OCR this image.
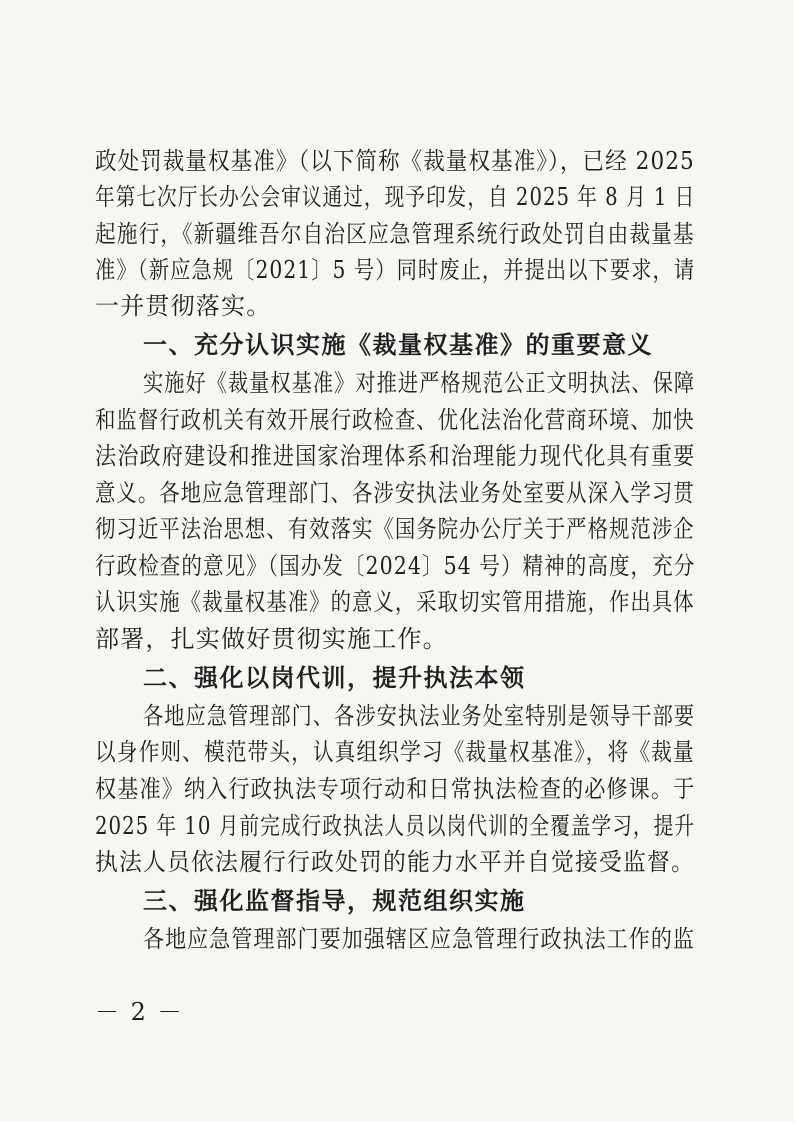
政处罚裁量权基准》（以下简称《裁量权基准》），已经 2025
年第七次厅长办公会审议通过，现予印发，自 2025 年 8 月 1 日
起施行，《新疆维吾尔自治区应急管理系统行政处罚自由裁量基
准》（新应急规〔2021〕5 号）同时废止，并提出以下要求，请
一并贯彻落实。
一、充分认识实施《裁量权基准》的重要意义
实施好《裁量权基准》对推进严格规范公正文明执法、保障
和监督行政机关有效开展行政检查、优化法治化营商环境、加快
法治政府建设和推进国家治理体系和治理能力现代化具有重要
意义。各地应急管理部门、各涉安执法业务处室要从深入学习贯
彻习近平法治思想、有效落实《国务院办公厅关于严格规范涉企
行政检查的意见》（国办发〔2024〕54 号）精神的高度，充分
认识实施《裁量权基准》的意义，采取切实管用措施，作出具体
部署，扎实做好贯彻实施工作。
二、强化以岗代训，提升执法本领
各地应急管理部门、各涉安执法业务处室特别是领导干部要
以身作则、模范带头，认真组织学习《裁量权基准》，将《裁量
权基准》纳入行政执法专项行动和日常执法检查的必修课。于
2025 年 10 月前完成行政执法人员以岗代训的全覆盖学习，提升
执法人员依法履行行政处罚的能力水平并自觉接受监督。
三、强化监督指导，规范组织实施
各地应急管理部门要加强辖区应急管理行政执法工作的监
－ 2 －
